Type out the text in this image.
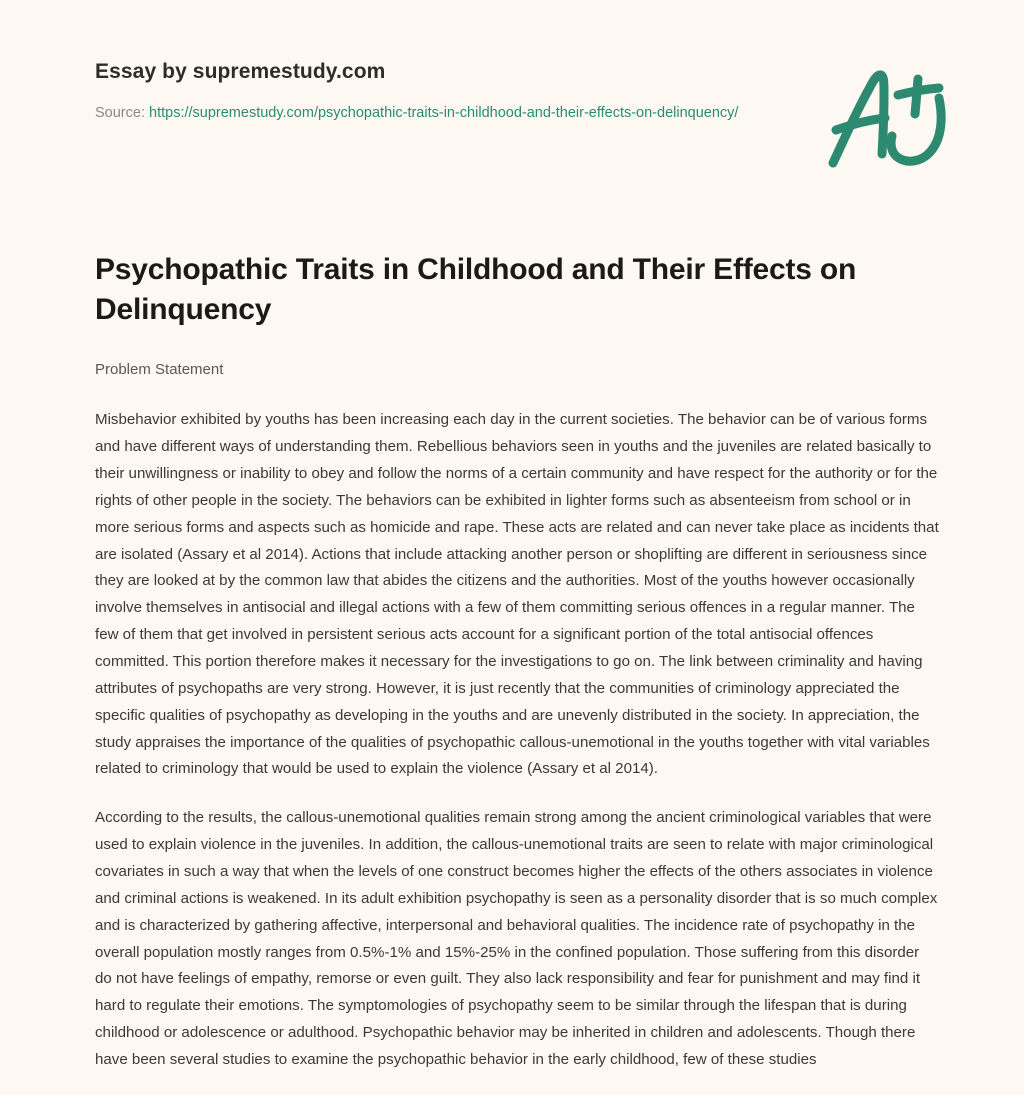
Essay by supremestudy.com
Source: https://supremestudy.com/psychopathic-traits-in-childhood-and-their-effects-on-delinquency/
Psychopathic Traits in Childhood and Their Effects on Delinquency
Problem Statement

Misbehavior exhibited by youths has been increasing each day in the current societies. The behavior can be of various forms and have different ways of understanding them. Rebellious behaviors seen in youths and the juveniles are related basically to their unwillingness or inability to obey and follow the norms of a certain community and have respect for the authority or for the rights of other people in the society. The behaviors can be exhibited in lighter forms such as absenteeism from school or in more serious forms and aspects such as homicide and rape. These acts are related and can never take place as incidents that are isolated (Assary et al 2014). Actions that include attacking another person or shoplifting are different in seriousness since they are looked at by the common law that abides the citizens and the authorities. Most of the youths however occasionally involve themselves in antisocial and illegal actions with a few of them committing serious offences in a regular manner. The few of them that get involved in persistent serious acts account for a significant portion of the total antisocial offences committed. This portion therefore makes it necessary for the investigations to go on. The link between criminality and having attributes of psychopaths are very strong. However, it is just recently that the communities of criminology appreciated the specific qualities of psychopathy as developing in the youths and are unevenly distributed in the society. In appreciation, the study appraises the importance of the qualities of psychopathic callous-unemotional in the youths together with vital variables related to criminology that would be used to explain the violence (Assary et al 2014).

According to the results, the callous-unemotional qualities remain strong among the ancient criminological variables that were used to explain violence in the juveniles. In addition, the callous-unemotional traits are seen to relate with major criminological covariates in such a way that when the levels of one construct becomes higher the effects of the others associates in violence and criminal actions is weakened. In its adult exhibition psychopathy is seen as a personality disorder that is so much complex and is characterized by gathering affective, interpersonal and behavioral qualities. The incidence rate of psychopathy in the overall population mostly ranges from 0.5%-1% and 15%-25% in the confined population. Those suffering from this disorder do not have feelings of empathy, remorse or even guilt. They also lack responsibility and fear for punishment and may find it hard to regulate their emotions. The symptomologies of psychopathy seem to be similar through the lifespan that is during childhood or adolescence or adulthood. Psychopathic behavior may be inherited in children and adolescents. Though there have been several studies to examine the psychopathic behavior in the early childhood, few of these studies
